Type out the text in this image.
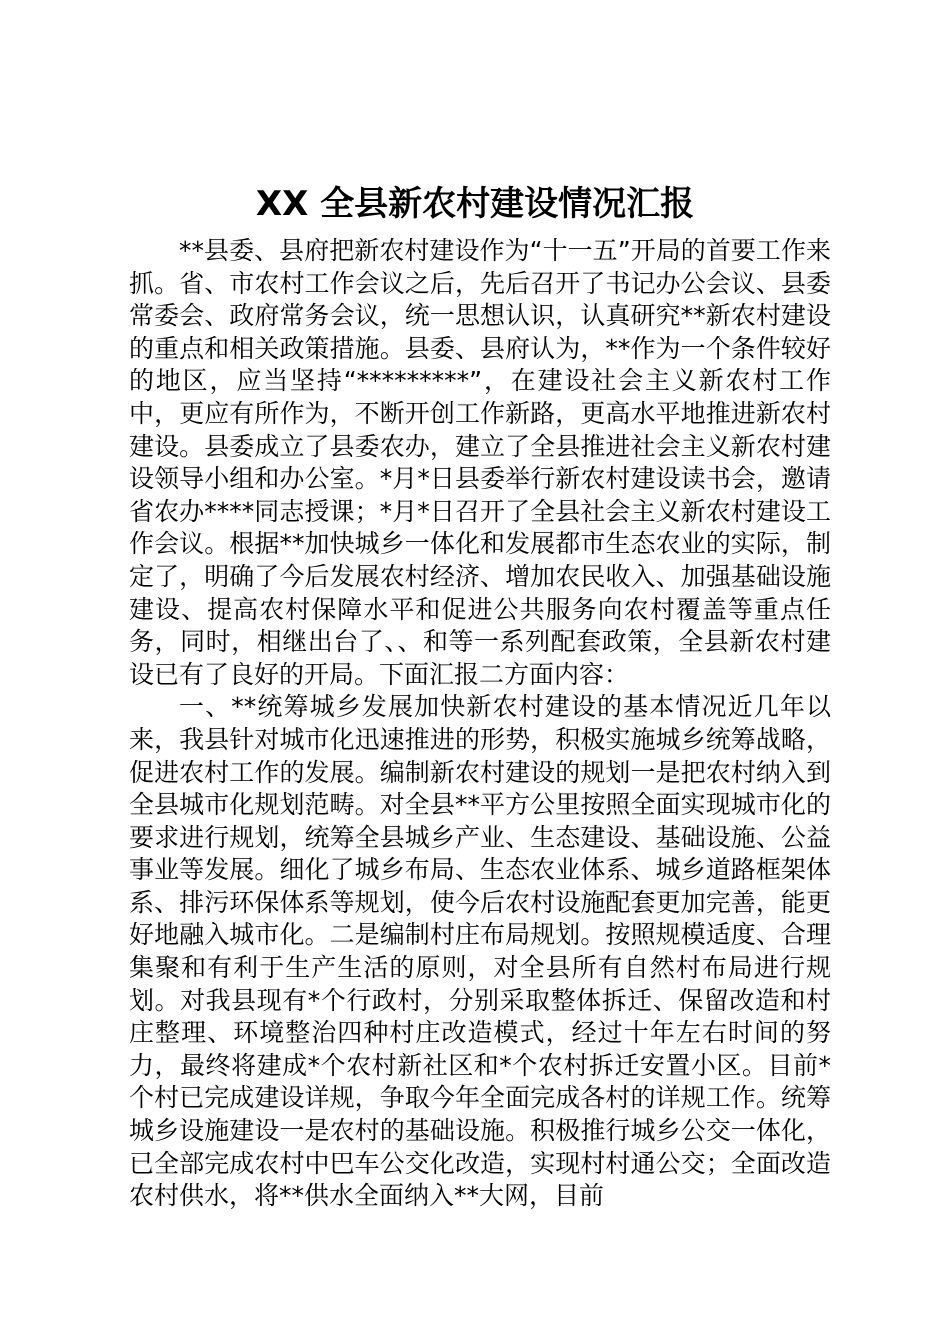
XX 全县新农村建设情况汇报

**县委、县府把新农村建设作为“十一五”开局的首要工作来抓。省、市农村工作会议之后，先后召开了书记办公会议、县委常委会、政府常务会议，统一思想认识，认真研究**新农村建设的重点和相关政策措施。县委、县府认为，**作为一个条件较好的地区，应当坚持“*********”，在建设社会主义新农村工作中，更应有所作为，不断开创工作新路，更高水平地推进新农村建设。县委成立了县委农办，建立了全县推进社会主义新农村建设领导小组和办公室。*月*日县委举行新农村建设读书会，邀请省农办****同志授课；*月*日召开了全县社会主义新农村建设工作会议。根据**加快城乡一体化和发展都市生态农业的实际，制定了，明确了今后发展农村经济、增加农民收入、加强基础设施建设、提高农村保障水平和促进公共服务向农村覆盖等重点任务，同时，相继出台了、、和等一系列配套政策，全县新农村建设已有了良好的开局。下面汇报二方面内容：

一、**统筹城乡发展加快新农村建设的基本情况近几年以来，我县针对城市化迅速推进的形势，积极实施城乡统筹战略，促进农村工作的发展。编制新农村建设的规划一是把农村纳入到全县城市化规划范畴。对全县**平方公里按照全面实现城市化的要求进行规划，统筹全县城乡产业、生态建设、基础设施、公益事业等发展。细化了城乡布局、生态农业体系、城乡道路框架体系、排污环保体系等规划，使今后农村设施配套更加完善，能更好地融入城市化。二是编制村庄布局规划。按照规模适度、合理集聚和有利于生产生活的原则，对全县所有自然村布局进行规划。对我县现有*个行政村，分别采取整体拆迁、保留改造和村庄整理、环境整治四种村庄改造模式，经过十年左右时间的努力，最终将建成*个农村新社区和*个农村拆迁安置小区。目前*个村已完成建设详规，争取今年全面完成各村的详规工作。统筹城乡设施建设一是农村的基础设施。积极推行城乡公交一体化，已全部完成农村中巴车公交化改造，实现村村通公交；全面改造农村供水，将**供水全面纳入**大网，目前
